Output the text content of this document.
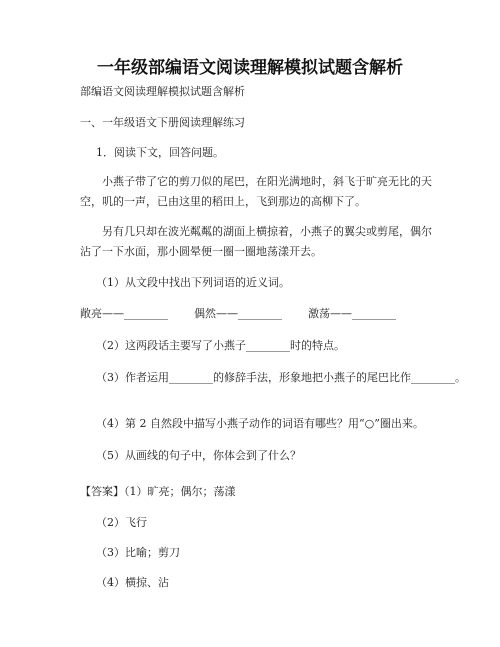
一年级部编语文阅读理解模拟试题含解析
部编语文阅读理解模拟试题含解析
一、一年级语文下册阅读理解练习
1．阅读下文，回答问题。
小燕子带了它的剪刀似的尾巴，在阳光满地时，斜飞于旷亮无比的天空，叽的一声，已由这里的稻田上，飞到那边的高柳下了。
另有几只却在波光粼粼的湖面上横掠着，小燕子的翼尖或剪尾，偶尔沾了一下水面，那小圆晕便一圈一圈地荡漾开去。
（1）从文段中找出下列词语的近义词。
敞亮——________ 偶然——________ 激荡——________
（2）这两段话主要写了小燕子________时的特点。
（3）作者运用________的修辞手法，形象地把小燕子的尾巴比作________。
（4）第 2 自然段中描写小燕子动作的词语有哪些？用“○”圈出来。
（5）从画线的句子中，你体会到了什么？
【答案】（1）旷亮；偶尔；荡漾
（2）飞行
（3）比喻；剪刀
（4）横掠、沾
